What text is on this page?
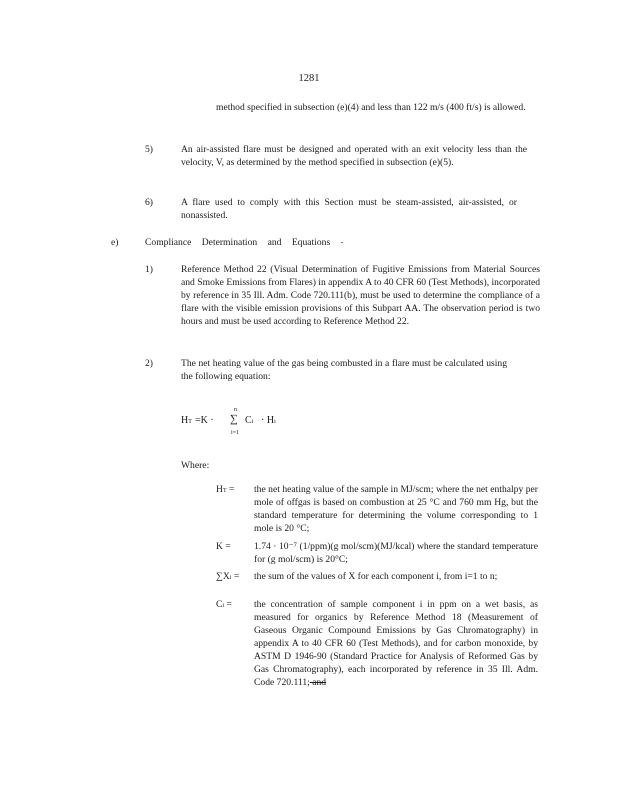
1281
method specified in subsection (e)(4) and less than 122 m/s (400 ft/s) is allowed.
5)	An air-assisted flare must be designed and operated with an exit velocity less than the velocity, V, as determined by the method specified in subsection (e)(5).
6)	A flare used to comply with this Section must be steam-assisted, air-assisted, or nonassisted.
e)	Compliance Determination and Equations -
1)	Reference Method 22 (Visual Determination of Fugitive Emissions from Material Sources and Smoke Emissions from Flares) in appendix A to 40 CFR 60 (Test Methods), incorporated by reference in 35 Ill. Adm. Code 720.111(b), must be used to determine the compliance of a flare with the visible emission provisions of this Subpart AA. The observation period is two hours and must be used according to Reference Method 22.
2)	The net heating value of the gas being combusted in a flare must be calculated using the following equation:
HT =K ·
n
∑
i=1
Ci · Hi
Where:
HT = the net heating value of the sample in MJ/scm; where the net enthalpy per mole of offgas is based on combustion at 25 °C and 760 mm Hg, but the standard temperature for determining the volume corresponding to 1 mole is 20 °C;
K = 1.74 · 10⁻⁷ (1/ppm)(g mol/scm)(MJ/kcal) where the standard temperature for (g mol/scm) is 20°C;
∑Xi = the sum of the values of X for each component i, from i=1 to n;
Ci = the concentration of sample component i in ppm on a wet basis, as measured for organics by Reference Method 18 (Measurement of Gaseous Organic Compound Emissions by Gas Chromatography) in appendix A to 40 CFR 60 (Test Methods), and for carbon monoxide, by ASTM D 1946-90 (Standard Practice for Analysis of Reformed Gas by Gas Chromatography), each incorporated by reference in 35 Ill. Adm. Code 720.111; and
